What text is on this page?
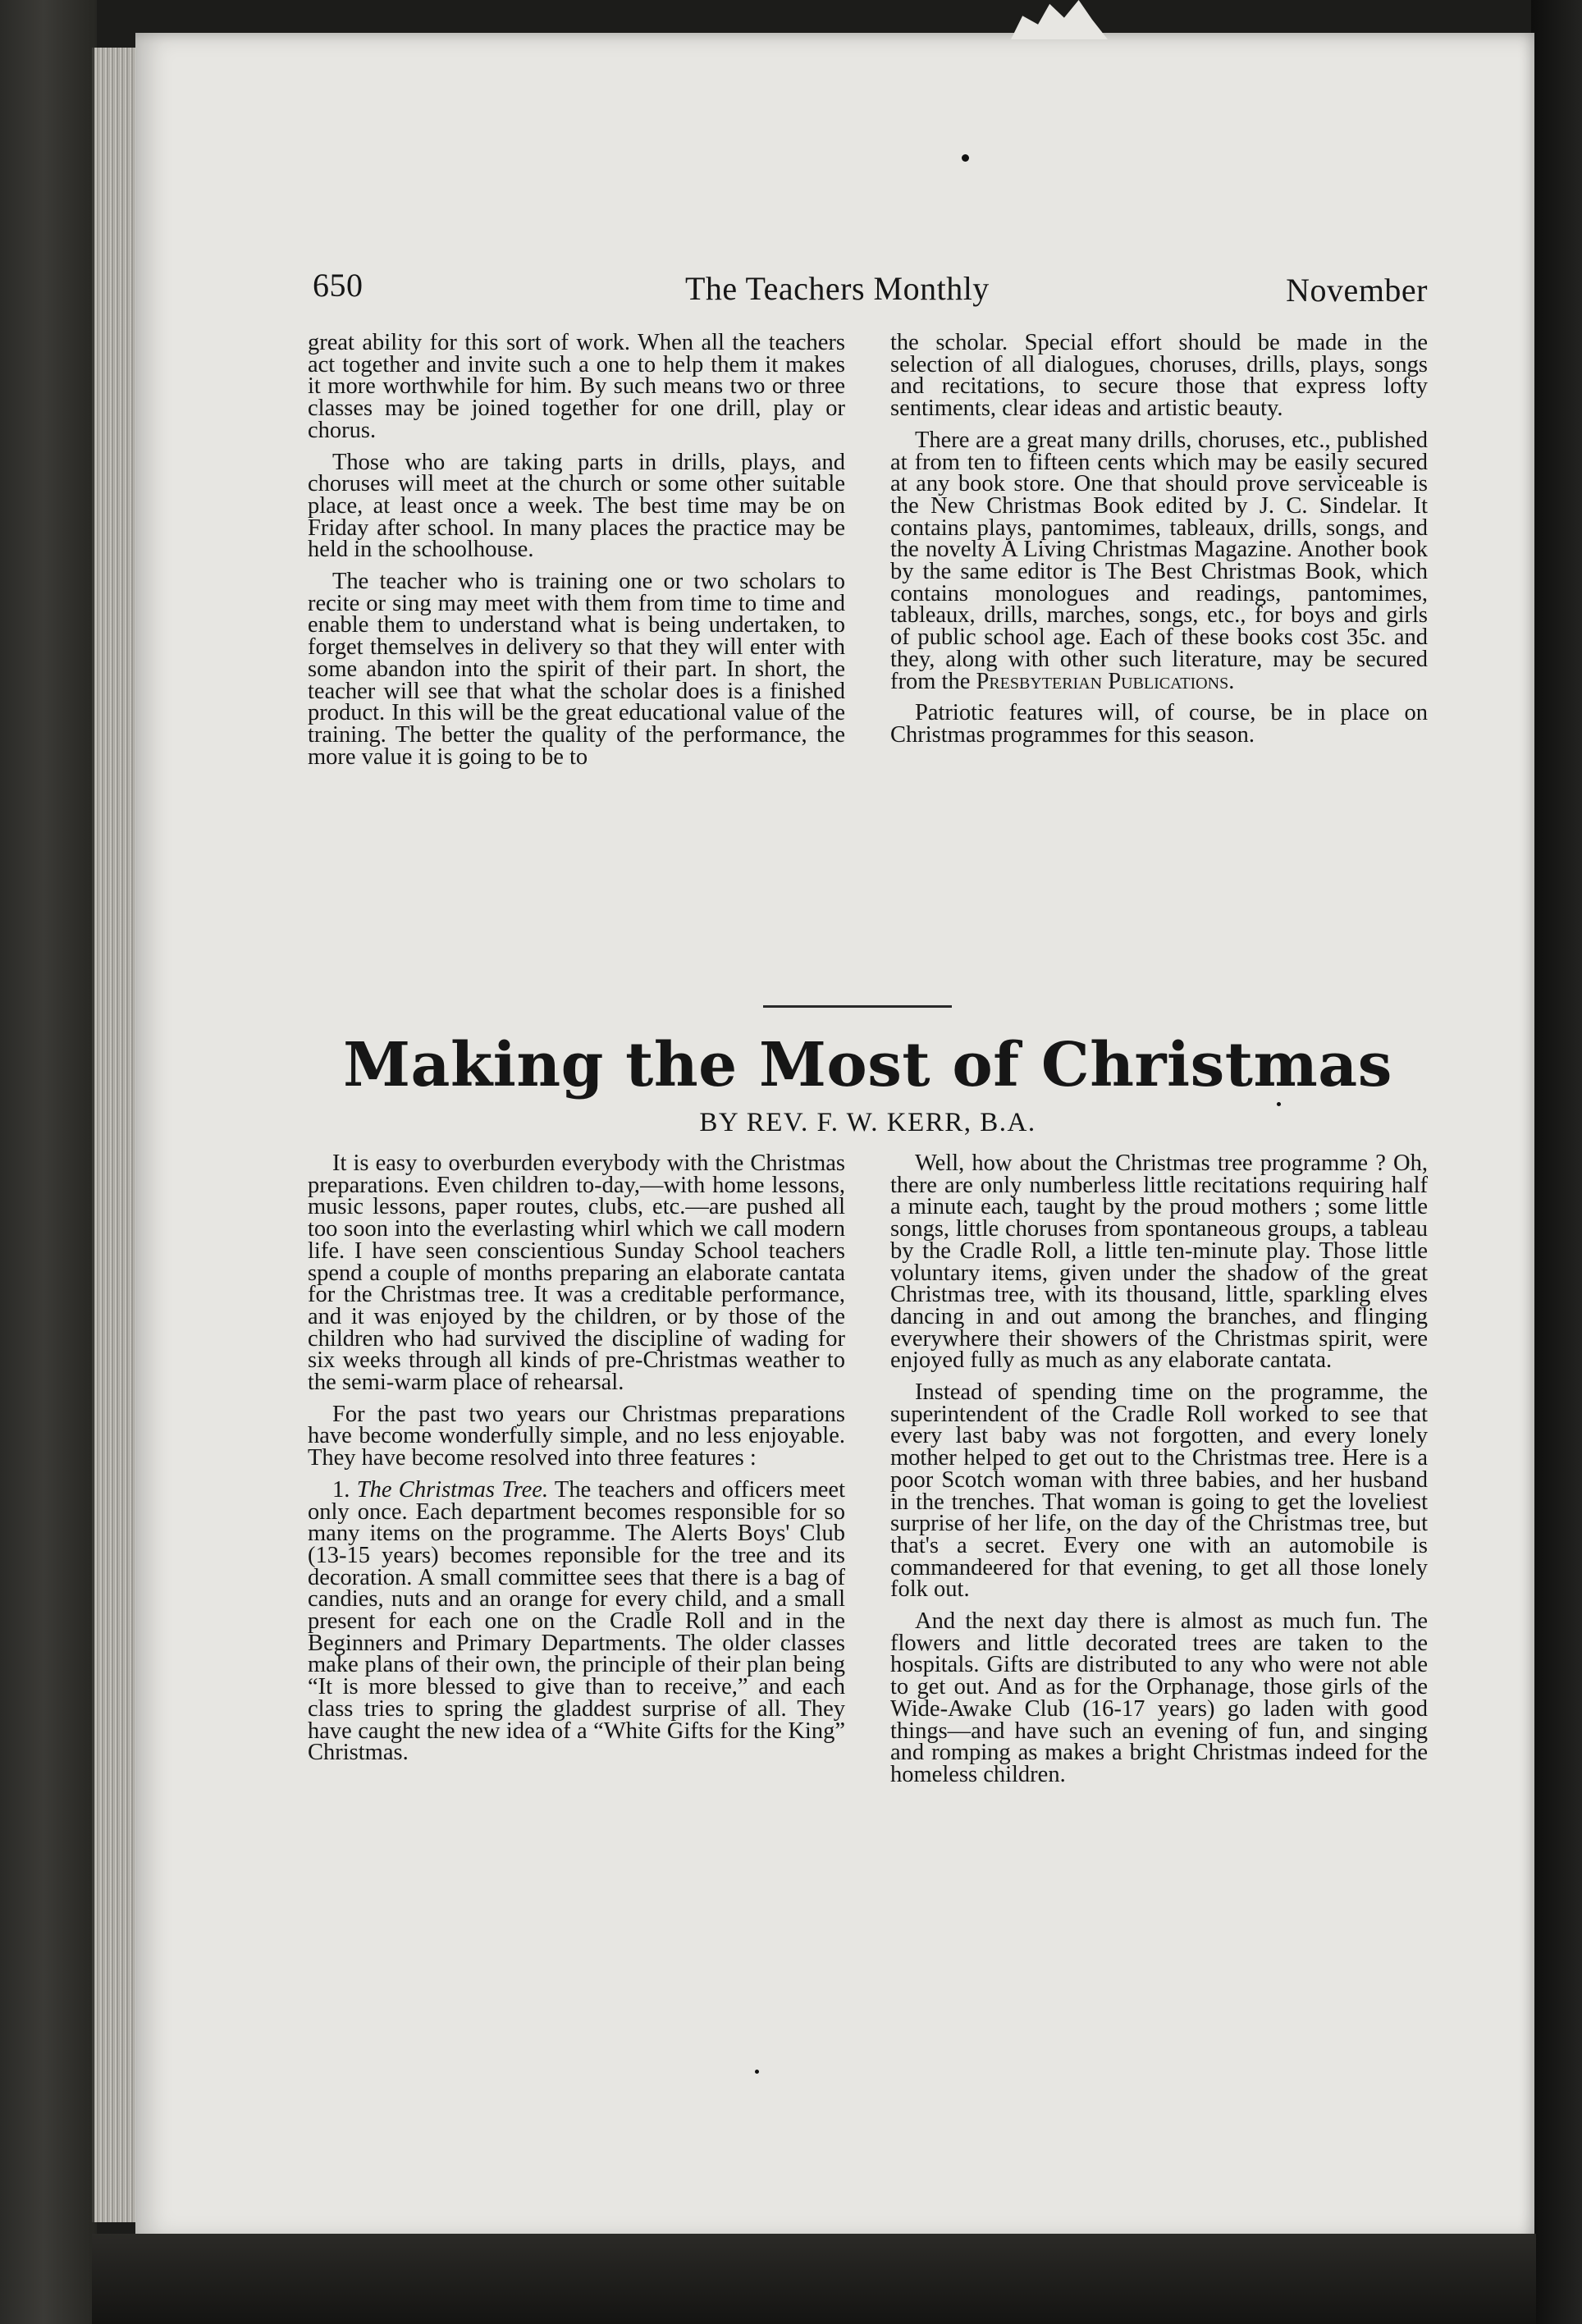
650	The Teachers Monthly	November

great ability for this sort of work. When all the teachers act together and invite such a one to help them it makes it more worthwhile for him. By such means two or three classes may be joined together for one drill, play or chorus.

Those who are taking parts in drills, plays, and choruses will meet at the church or some other suitable place, at least once a week. The best time may be on Friday after school. In many places the practice may be held in the schoolhouse.

The teacher who is training one or two scholars to recite or sing may meet with them from time to time and enable them to understand what is being undertaken, to forget themselves in delivery so that they will enter with some abandon into the spirit of their part. In short, the teacher will see that what the scholar does is a finished product. In this will be the great educational value of the training. The better the quality of the performance, the more value it is going to be to

the scholar. Special effort should be made in the selection of all dialogues, choruses, drills, plays, songs and recitations, to secure those that express lofty sentiments, clear ideas and artistic beauty.

There are a great many drills, choruses, etc., published at from ten to fifteen cents which may be easily secured at any book store. One that should prove serviceable is the New Christmas Book edited by J. C. Sindelar. It contains plays, pantomimes, tableaux, drills, songs, and the novelty A Living Christmas Magazine. Another book by the same editor is The Best Christmas Book, which contains monologues and readings, pantomimes, tableaux, drills, marches, songs, etc., for boys and girls of public school age. Each of these books cost 35c. and they, along with other such literature, may be secured from the Presbyterian Publications.

Patriotic features will, of course, be in place on Christmas programmes for this season.

Making the Most of Christmas
BY REV. F. W. KERR, B.A.

It is easy to overburden everybody with the Christmas preparations. Even children to-day,—with home lessons, music lessons, paper routes, clubs, etc.—are pushed all too soon into the everlasting whirl which we call modern life. I have seen conscientious Sunday School teachers spend a couple of months preparing an elaborate cantata for the Christmas tree. It was a creditable performance, and it was enjoyed by the children, or by those of the children who had survived the discipline of wading for six weeks through all kinds of pre-Christmas weather to the semi-warm place of rehearsal.

For the past two years our Christmas preparations have become wonderfully simple, and no less enjoyable. They have become resolved into three features :

1. The Christmas Tree. The teachers and officers meet only once. Each department becomes responsible for so many items on the programme. The Alerts Boys' Club (13-15 years) becomes reponsible for the tree and its decoration. A small committee sees that there is a bag of candies, nuts and an orange for every child, and a small present for each one on the Cradle Roll and in the Beginners and Primary Departments. The older classes make plans of their own, the principle of their plan being “It is more blessed to give than to receive,” and each class tries to spring the gladdest surprise of all. They have caught the new idea of a “White Gifts for the King” Christmas.

Well, how about the Christmas tree programme ? Oh, there are only numberless little recitations requiring half a minute each, taught by the proud mothers ; some little songs, little choruses from spontaneous groups, a tableau by the Cradle Roll, a little ten-minute play. Those little voluntary items, given under the shadow of the great Christmas tree, with its thousand, little, sparkling elves dancing in and out among the branches, and flinging everywhere their showers of the Christmas spirit, were enjoyed fully as much as any elaborate cantata.

Instead of spending time on the programme, the superintendent of the Cradle Roll worked to see that every last baby was not forgotten, and every lonely mother helped to get out to the Christmas tree. Here is a poor Scotch woman with three babies, and her husband in the trenches. That woman is going to get the loveliest surprise of her life, on the day of the Christmas tree, but that's a secret. Every one with an automobile is commandeered for that evening, to get all those lonely folk out.

And the next day there is almost as much fun. The flowers and little decorated trees are taken to the hospitals. Gifts are distributed to any who were not able to get out. And as for the Orphanage, those girls of the Wide-Awake Club (16-17 years) go laden with good things—and have such an evening of fun, and singing and romping as makes a bright Christmas indeed for the homeless children.
